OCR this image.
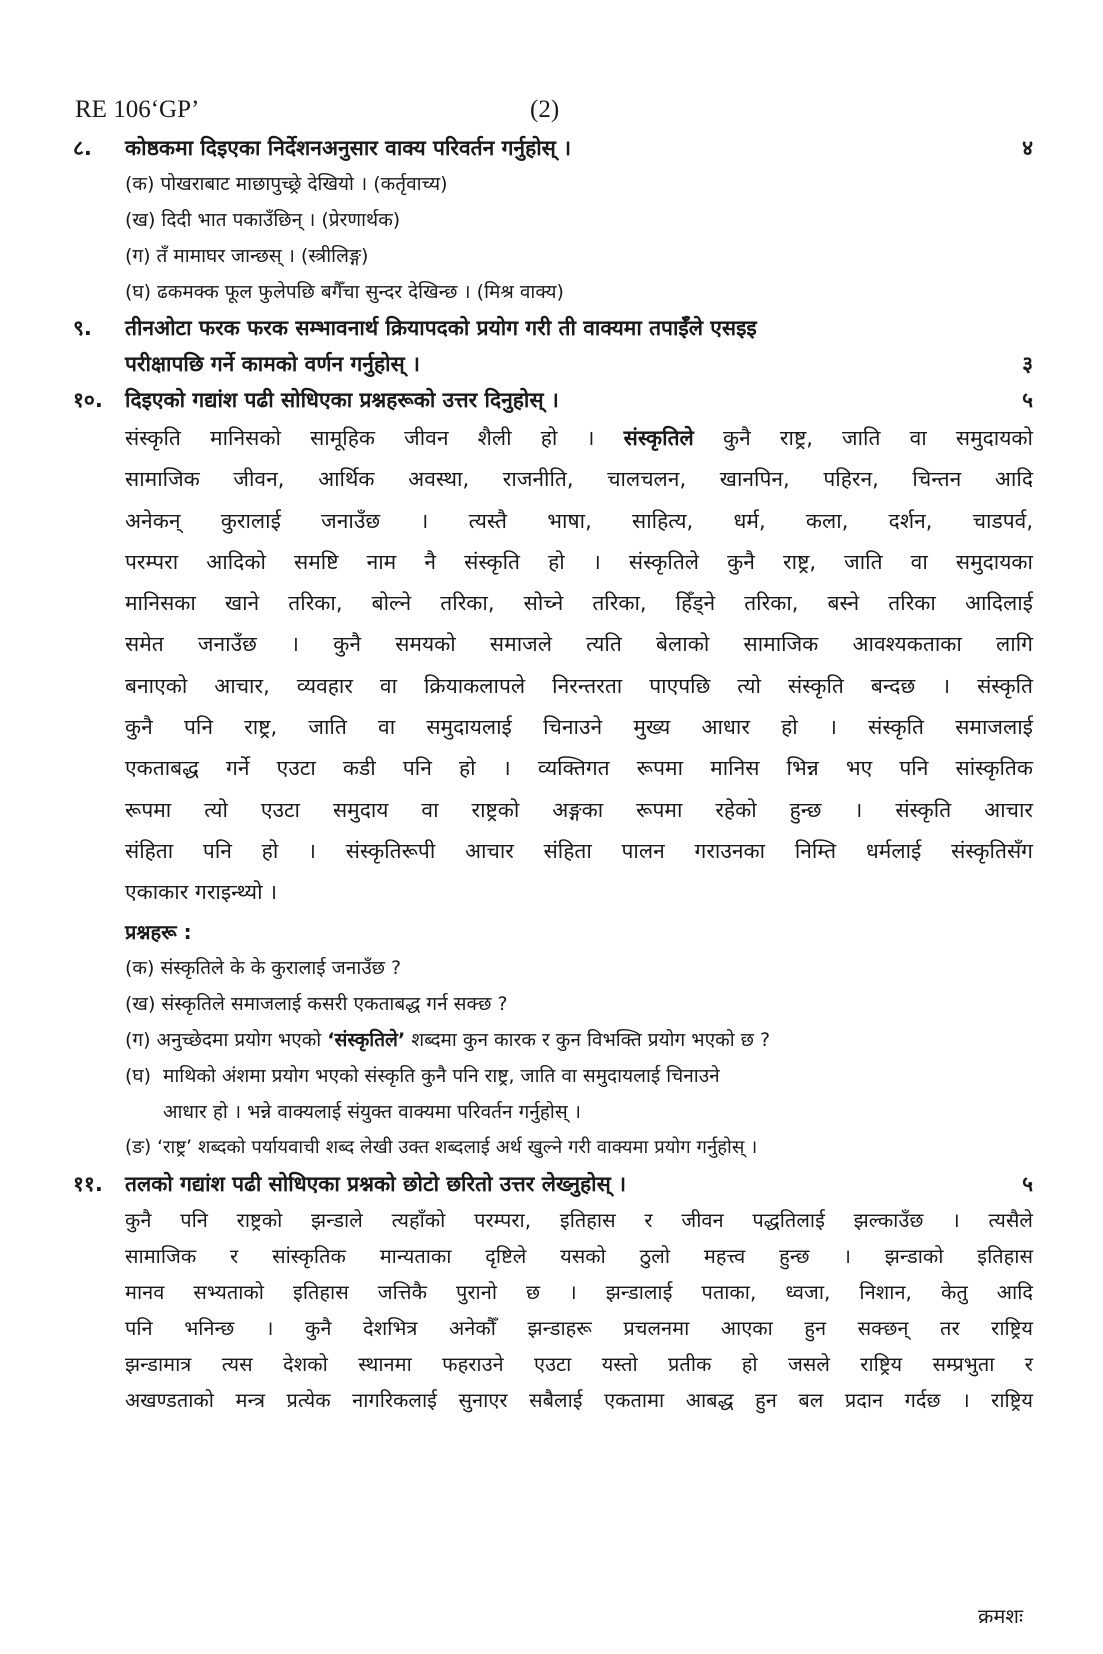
RE 106‘GP’	(2)
८.	कोष्ठकमा दिइएका निर्देशनअनुसार वाक्य परिवर्तन गर्नुहोस् ।	४
(क) पोखराबाट माछापुच्छ्रे देखियो । (कर्तृवाच्य)
(ख) दिदी भात पकाउँछिन् । (प्रेरणार्थक)
(ग) तँ मामाघर जान्छस् । (स्त्रीलिङ्ग)
(घ) ढकमक्क फूल फुलेपछि बगैँचा सुन्दर देखिन्छ । (मिश्र वाक्य)
९.	तीनओटा फरक फरक सम्भावनार्थ क्रियापदको प्रयोग गरी ती वाक्यमा तपाईँले एसइइ
परीक्षापछि गर्ने कामको वर्णन गर्नुहोस् ।	३
१०.	दिइएको गद्यांश पढी सोधिएका प्रश्नहरूको उत्तर दिनुहोस् ।	५
संस्कृति मानिसको सामूहिक जीवन शैली हो । संस्कृतिले कुनै राष्ट्र, जाति वा समुदायको
सामाजिक जीवन, आर्थिक अवस्था, राजनीति, चालचलन, खानपिन, पहिरन, चिन्तन आदि
अनेकन् कुरालाई जनाउँछ । त्यस्तै भाषा, साहित्य, धर्म, कला, दर्शन, चाडपर्व,
परम्परा आदिको समष्टि नाम नै संस्कृति हो । संस्कृतिले कुनै राष्ट्र, जाति वा समुदायका
मानिसका खाने तरिका, बोल्ने तरिका, सोच्ने तरिका, हिँड्ने तरिका, बस्ने तरिका आदिलाई
समेत जनाउँछ । कुनै समयको समाजले त्यति बेलाको सामाजिक आवश्यकताका लागि
बनाएको आचार, व्यवहार वा क्रियाकलापले निरन्तरता पाएपछि त्यो संस्कृति बन्दछ । संस्कृति
कुनै पनि राष्ट्र, जाति वा समुदायलाई चिनाउने मुख्य आधार हो । संस्कृति समाजलाई
एकताबद्ध गर्ने एउटा कडी पनि हो । व्यक्तिगत रूपमा मानिस भिन्न भए पनि सांस्कृतिक
रूपमा त्यो एउटा समुदाय वा राष्ट्रको अङ्गका रूपमा रहेको हुन्छ । संस्कृति आचार
संहिता पनि हो । संस्कृतिरूपी आचार संहिता पालन गराउनका निम्ति धर्मलाई संस्कृतिसँग
एकाकार गराइन्थ्यो ।
प्रश्नहरू :
(क) संस्कृतिले के के कुरालाई जनाउँछ ?
(ख) संस्कृतिले समाजलाई कसरी एकताबद्ध गर्न सक्छ ?
(ग) अनुच्छेदमा प्रयोग भएको ‘संस्कृतिले’ शब्दमा कुन कारक र कुन विभक्ति प्रयोग भएको छ ?
(घ) माथिको अंशमा प्रयोग भएको संस्कृति कुनै पनि राष्ट्र, जाति वा समुदायलाई चिनाउने
आधार हो । भन्ने वाक्यलाई संयुक्त वाक्यमा परिवर्तन गर्नुहोस् ।
(ङ) ‘राष्ट्र’ शब्दको पर्यायवाची शब्द लेखी उक्त शब्दलाई अर्थ खुल्ने गरी वाक्यमा प्रयोग गर्नुहोस् ।
११.	तलको गद्यांश पढी सोधिएका प्रश्नको छोटो छरितो उत्तर लेख्नुहोस् ।	५
कुनै पनि राष्ट्रको झन्डाले त्यहाँको परम्परा, इतिहास र जीवन पद्धतिलाई झल्काउँछ । त्यसैले
सामाजिक र सांस्कृतिक मान्यताका दृष्टिले यसको ठुलो महत्त्व हुन्छ । झन्डाको इतिहास
मानव सभ्यताको इतिहास जत्तिकै पुरानो छ । झन्डालाई पताका, ध्वजा, निशान, केतु आदि
पनि भनिन्छ । कुनै देशभित्र अनेकौँ झन्डाहरू प्रचलनमा आएका हुन सक्छन् तर राष्ट्रिय
झन्डामात्र त्यस देशको स्थानमा फहराउने एउटा यस्तो प्रतीक हो जसले राष्ट्रिय सम्प्रभुता र
अखण्डताको मन्त्र प्रत्येक नागरिकलाई सुनाएर सबैलाई एकतामा आबद्ध हुन बल प्रदान गर्दछ । राष्ट्रिय
क्रमशः
